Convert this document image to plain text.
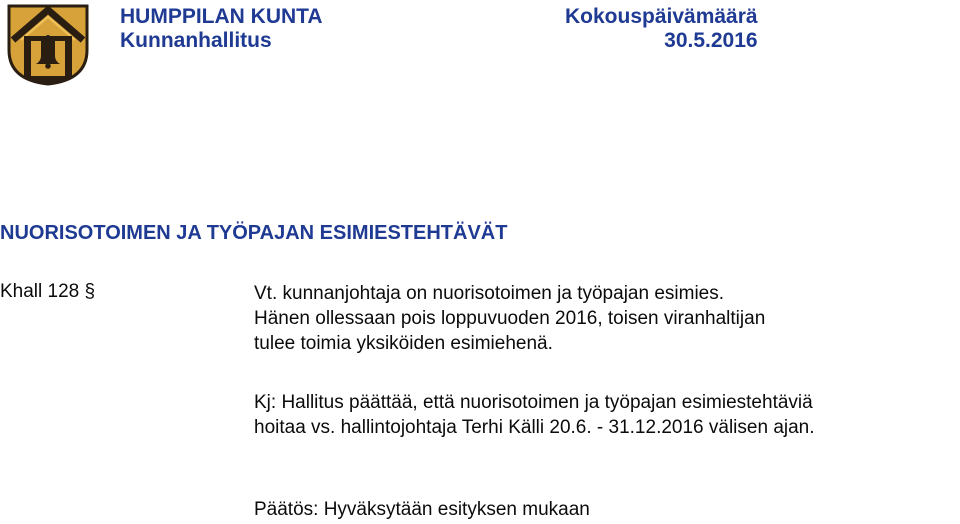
HUMPPILAN KUNTA
Kunnanhallitus
Kokouspäivämäärä
30.5.2016
NUORISOTOIMEN JA TYÖPAJAN ESIMIESTEHTÄVÄT
Khall 128 §	Vt. kunnanjohtaja on nuorisotoimen ja työpajan esimies.
Hänen ollessaan pois loppuvuoden 2016, toisen viranhaltijan
tulee toimia yksiköiden esimiehenä.
Kj: Hallitus päättää, että nuorisotoimen ja työpajan esimiestehtäviä
hoitaa vs. hallintojohtaja Terhi Källi 20.6. - 31.12.2016 välisen ajan.
Päätös: Hyväksytään esityksen mukaan
